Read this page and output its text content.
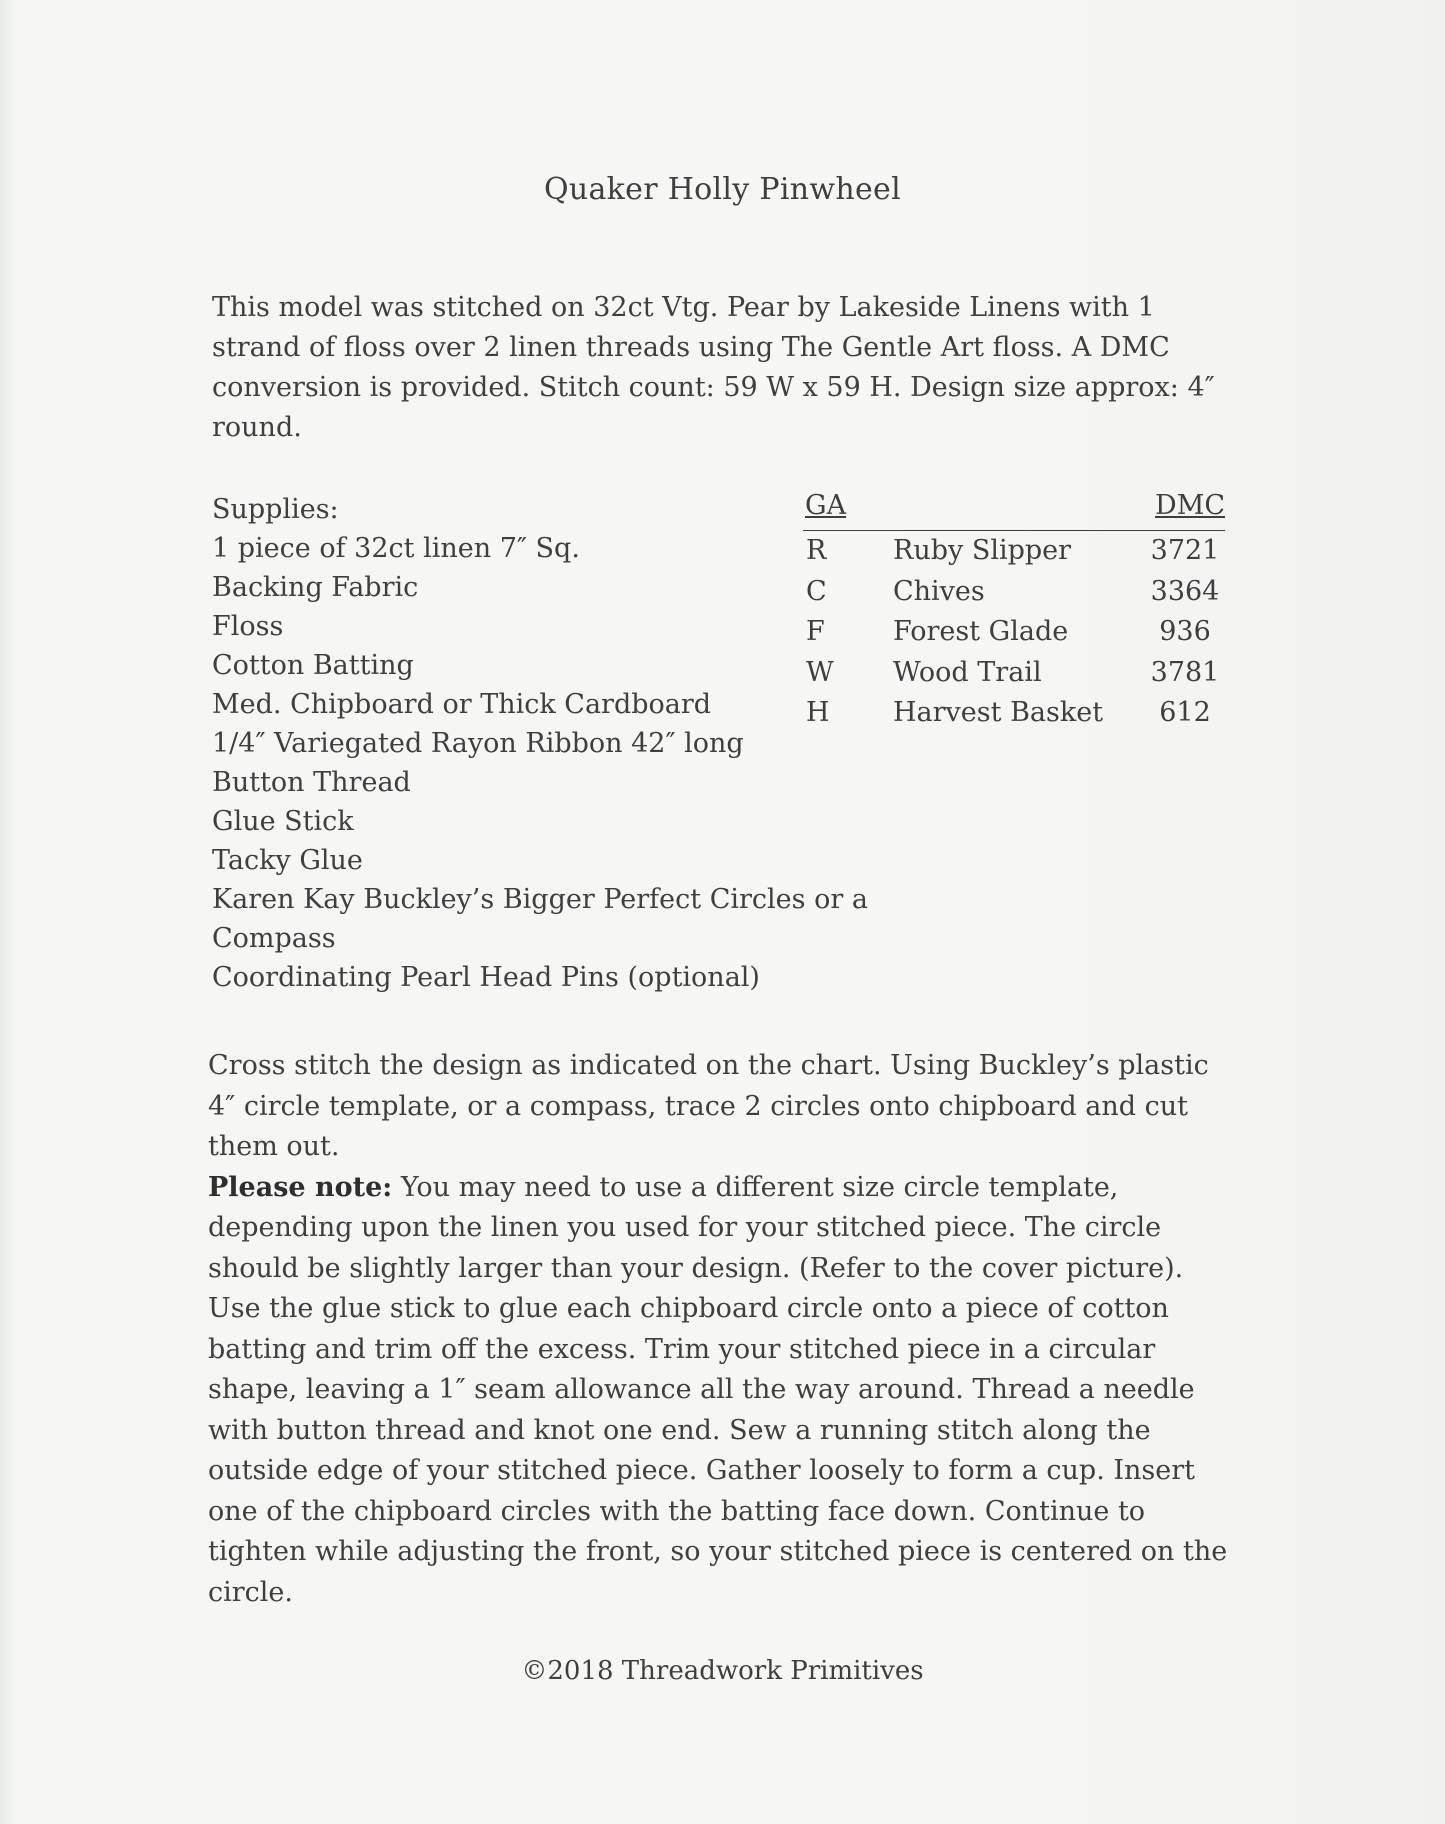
Quaker Holly Pinwheel

This model was stitched on 32ct Vtg. Pear by Lakeside Linens with 1 strand of floss over 2 linen threads using The Gentle Art floss. A DMC conversion is provided. Stitch count: 59 W x 59 H. Design size approx: 4″ round.

Supplies:

1 piece of 32ct linen 7″ Sq.
Backing Fabric
Floss
Cotton Batting
Med. Chipboard or Thick Cardboard
1/4″ Variegated Rayon Ribbon 42″ long
Button Thread
Glue Stick
Tacky Glue
Karen Kay Buckley’s Bigger Perfect Circles or a Compass
Coordinating Pearl Head Pins (optional)
GA	DMC
R	Ruby Slipper	3721
C	Chives	3364
F	Forest Glade	936
W Wood Trail	3781
H Harvest Basket	612

Cross stitch the design as indicated on the chart. Using Buckley’s plastic 4″ circle template, or a compass, trace 2 circles onto chipboard and cut them out.
Please note: You may need to use a different size circle template, depending upon the linen you used for your stitched piece. The circle should be slightly larger than your design. (Refer to the cover picture).

Use the glue stick to glue each chipboard circle onto a piece of cotton batting and trim off the excess. Trim your stitched piece in a circular shape, leaving a 1″ seam allowance all the way around. Thread a needle with button thread and knot one end. Sew a running stitch along the outside edge of your stitched piece. Gather loosely to form a cup. Insert one of the chipboard circles with the batting face down. Continue to tighten while adjusting the front, so your stitched piece is centered on the circle.

©2018 Threadwork Primitives
